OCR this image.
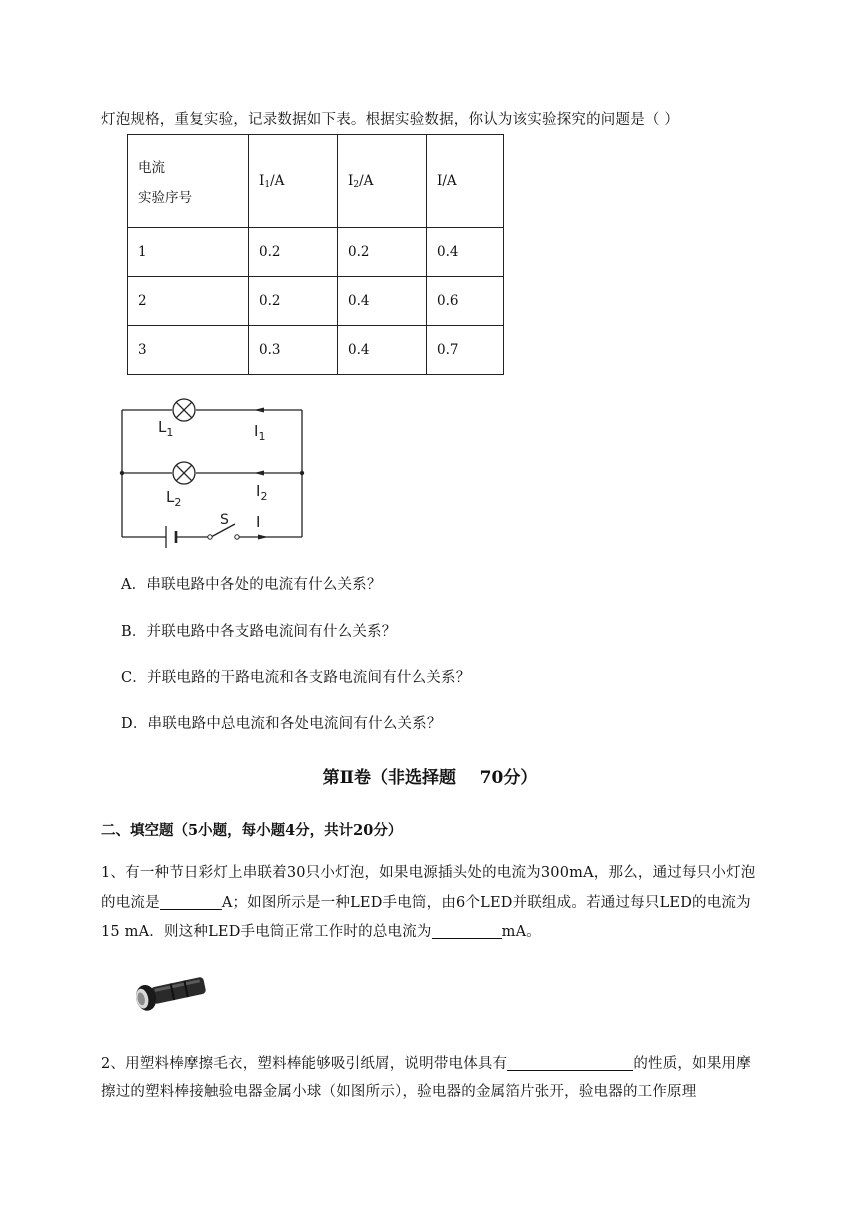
灯泡规格，重复实验，记录数据如下表。根据实验数据，你认为该实验探究的问题是（ ）
电流
实验序号	$I_1/A$	$I_2/A$	I/A
1	0.2	0.2	0.4
2	0.2	0.4	0.6
3	0.3	0.4	0.7
$L_1$	$I_1$
$L_2$
$I_2$
S I
A．串联电路中各处的电流有什么关系？
B．并联电路中各支路电流间有什么关系？
C．并联电路的干路电流和各支路电流间有什么关系？
D．串联电路中总电流和各处电流间有什么关系？
第Ⅱ卷（非选择题    70分）
二、填空题（5小题，每小题4分，共计20分）
1、有一种节日彩灯上串联着30只小灯泡，如果电源插头处的电流为300mA，那么，通过每只小灯泡
的电流是	A；如图所示是一种LED手电筒，由6个LED并联组成。若通过每只LED的电流为
15 mA．则这种LED手电筒正常工作时的总电流为	mA。
2、用塑料棒摩擦毛衣，塑料棒能够吸引纸屑，说明带电体具有	的性质，如果用摩
擦过的塑料棒接触验电器金属小球（如图所示），验电器的金属箔片张开，验电器的工作原理
